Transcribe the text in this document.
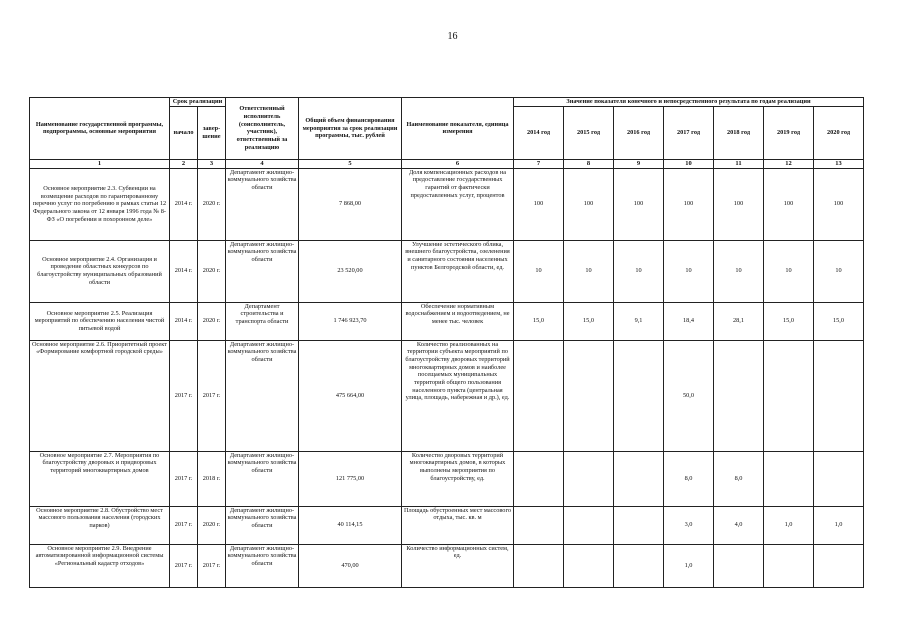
16
Наименование государственной программы, подпрограммы, основные мероприятия	Срок реализации		Ответственный исполнитель (соисполнитель, участник), ответственный за реализацию	Общий объем финансирования мероприятия за срок реализации программы, тыс. рублей	Наименование показателя, единица измерения	Значение показателя конечного и непосредственного результата по годам реализации						
	начало	завер-шение				2014 год	2015 год	2016 год	2017 год	2018 год	2019 год	2020 год
1	2	3	4	5	6	7	8	9	10	11	12	13
Основное мероприятие 2.3. Субвенции на возмещение расходов по гарантированному перечню услуг по погребению в рамках статьи 12 Федерального закона от 12 января 1996 года № 8-ФЗ «О погребении и похоронном деле»	2014 г.	2020 г.	Департамент жилищно-коммунального хозяйства области	7 868,00	Доля компенсационных расходов на предоставление государственных гарантий от фактически предоставленных услуг, процентов	100	100	100	100	100	100	100
Основное мероприятие 2.4. Организация и проведение областных конкурсов по благоустройству муниципальных образований области	2014 г.	2020 г.	Департамент жилищно-коммунального хозяйства области	23 520,00	Улучшение эстетического облика, внешнего благоустройства, озеленения и санитарного состояния населенных пунктов Белгородской области, ед.	10	10	10	10	10	10	10
Основное мероприятие 2.5. Реализация мероприятий по обеспечению населения чистой питьевой водой	2014 г.	2020 г.	Департамент строительства и транспорта области	1 746 923,70	Обеспечение нормативным водоснабжением и водоотведением, не менее тыс. человек	15,0	15,0	9,1	18,4	28,1	15,0	15,0
Основное мероприятие 2.6. Приоритетный проект «Формирование комфортной городской среды»	2017 г.	2017 г.	Департамент жилищно-коммунального хозяйства области	475 664,00	Количество реализованных на территории субъекта мероприятий по благоустройству дворовых территорий многоквартирных домов и наиболее посещаемых муниципальных территорий общего пользования населенного пункта (центральная улица, площадь, набережная и др.), ед.				50,0			
Основное мероприятие 2.7. Мероприятия по благоустройству дворовых и придворовых территорий многоквартирных домов	2017 г.	2018 г.	Департамент жилищно-коммунального хозяйства области	121 775,00	Количество дворовых территорий многоквартирных домов, в которых выполнены мероприятия по благоустройству, ед.				8,0	8,0		
Основное мероприятие 2.8. Обустройство мест массового пользования населения (городских парков)	2017 г.	2020 г.	Департамент жилищно-коммунального хозяйства области	40 114,15	Площадь обустроенных мест массового отдыха, тыс. кв. м				3,0	4,0	1,0	1,0
Основное мероприятие 2.9. Внедрение автоматизированной информационной системы «Региональный кадастр отходов»	2017 г.	2017 г.	Департамент жилищно-коммунального хозяйства области	470,00	Количество информационных систем, ед.				1,0			
